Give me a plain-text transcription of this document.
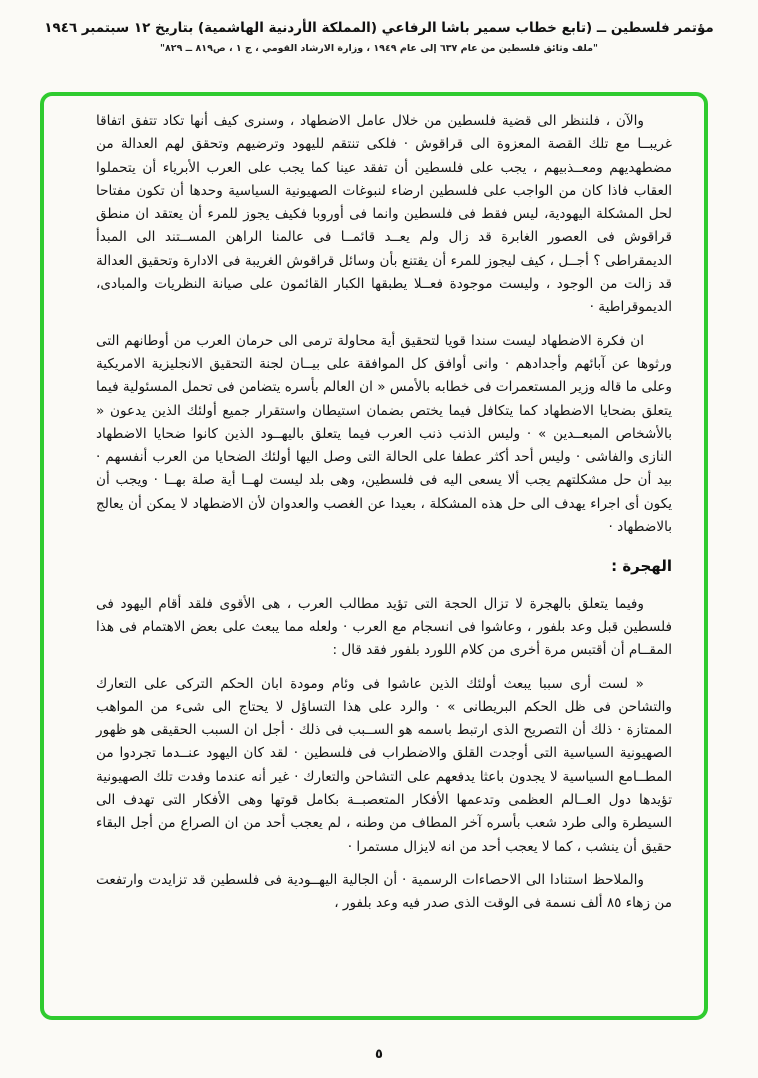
مؤتمر فلسطين ــ (تابع خطاب سمير باشا الرفاعي (المملكة الأردنية الهاشمية) بتاريخ ١٢ سبتمبر ١٩٤٦
"ملف وثائق فلسطين من عام ٦٣٧ إلى عام ١٩٤٩ ، وزارة الارشاد القومي ، ج ١ ، ص٨١٩ ــ ٨٢٩"

والآن ، فلننظر الى قضية فلسطين من خلال عامل الاضطهاد ، وسنرى كيف أنها تكاد تتفق اتفاقا غريبــا مع تلك القصة المعزوة الى قراقوش · فلكى تنتقم لليهود وترضيهم وتحقق لهم العدالة من مضطهديهم ومعــذبيهم ، يجب على فلسطين أن تفقد عينا كما يجب على العرب الأبرياء أن يتحملوا العقاب فاذا كان من الواجب على فلسطين ارضاء لنبوغات الصهيونية السياسية وحدها أن تكون مفتاحا لحل المشكلة اليهودية، ليس فقط فى فلسطين وانما فى أوروبا فكيف يجوز للمرء أن يعتقد ان منطق قراقوش فى العصور الغابرة قد زال ولم يعــد قائمــا فى عالمنا الراهن المســتند الى المبدأ الديمقراطى ؟ أجــل ، كيف ليجوز للمرء أن يقتنع بأن وسائل قراقوش الغريبة فى الادارة وتحقيق العدالة قد زالت من الوجود ، وليست موجودة فعــلا يطبقها الكبار القائمون على صيانة النظريات والمبادى، الديموقراطية ·

ان فكرة الاضطهاد ليست سندا قويا لتحقيق أية محاولة ترمى الى حرمان العرب من أوطانهم التى ورثوها عن آبائهم وأجدادهم · وانى أوافق كل الموافقة على بيــان لجنة التحقيق الانجليزية الامريكية وعلى ما قاله وزير المستعمرات فى خطابه بالأمس « ان العالم بأسره يتضامن فى تحمل المسئولية فيما يتعلق بضحايا الاضطهاد كما يتكافل فيما يختص بضمان استيطان واستقرار جميع أولئك الذين يدعون « بالأشخاص المبعــدين » · وليس الذنب ذنب العرب فيما يتعلق باليهــود الذين كانوا ضحايا الاضطهاد النازى والفاشى · وليس أحد أكثر عطفا على الحالة التى وصل اليها أولئك الضحايا من العرب أنفسهم · بيد أن حل مشكلتهم يجب ألا يسعى اليه فى فلسطين، وهى بلد ليست لهــا أية صلة بهــا · ويجب أن يكون أى اجراء يهدف الى حل هذه المشكلة ، بعيدا عن الغصب والعدوان لأن الاضطهاد لا يمكن أن يعالج بالاضطهاد ·

الهجرة :

وفيما يتعلق بالهجرة لا تزال الحجة التى تؤيد مطالب العرب ، هى الأقوى فلقد أقام اليهود فى فلسطين قبل وعد بلفور ، وعاشوا فى انسجام مع العرب · ولعله مما يبعث على بعض الاهتمام فى هذا المقــام أن أقتبس مرة أخرى من كلام اللورد بلفور فقد قال :

« لست أرى سببا يبعث أولئك الذين عاشوا فى وئام ومودة ابان الحكم التركى على التعارك والتشاحن فى ظل الحكم البريطانى » · والرد على هذا التساؤل لا يحتاج الى شىء من المواهب الممتازة · ذلك أن التصريح الذى ارتبط باسمه هو الســبب فى ذلك · أجل ان السبب الحقيقى هو ظهور الصهيونية السياسية التى أوجدت القلق والاضطراب فى فلسطين · لقد كان اليهود عنــدما تجردوا من المطــامع السياسية لا يجدون باعثا يدفعهم على التشاحن والتعارك · غير أنه عندما وفدت تلك الصهيونية تؤيدها دول العــالم العظمى وتدعمها الأفكار المتعصبــة بكامل قوتها وهى الأفكار التى تهدف الى السيطرة والى طرد شعب بأسره آخر المطاف من وطنه ، لم يعجب أحد من ان الصراع من أجل البقاء حقيق أن ينشب ، كما لا يعجب أحد من انه لايزال مستمرا ·

والملاحظ استنادا الى الاحصاءات الرسمية · أن الجالية اليهــودية فى فلسطين قد تزايدت وارتفعت من زهاء ٨٥ ألف نسمة فى الوقت الذى صدر فيه وعد بلفور ،

٥
